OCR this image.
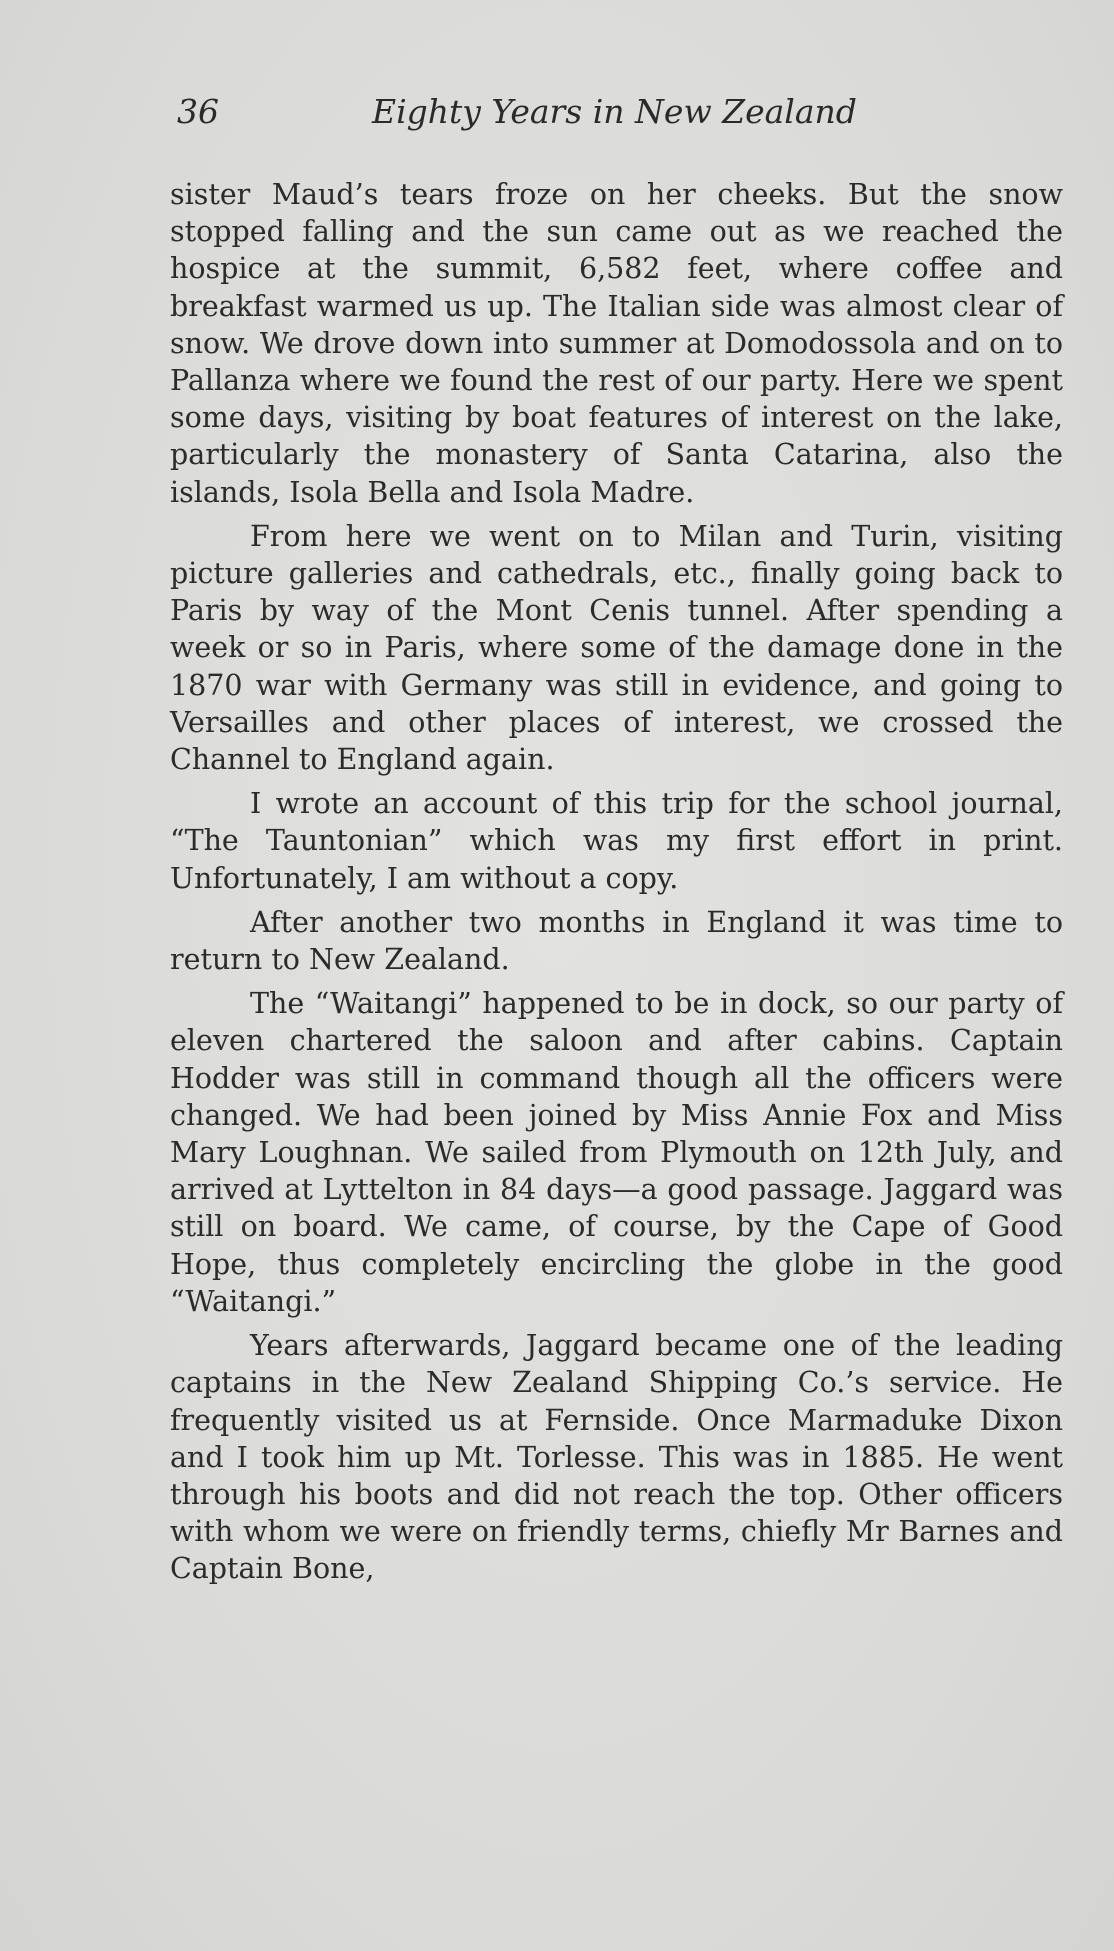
36	Eighty Years in New Zealand

sister Maud’s tears froze on her cheeks. But the snow stopped falling and the sun came out as we reached the hospice at the summit, 6,582 feet, where coffee and breakfast warmed us up. The Italian side was almost clear of snow. We drove down into summer at Domodossola and on to Pallanza where we found the rest of our party. Here we spent some days, visiting by boat features of interest on the lake, particularly the monastery of Santa Catarina, also the islands, Isola Bella and Isola Madre.

From here we went on to Milan and Turin, visiting picture galleries and cathedrals, etc., finally going back to Paris by way of the Mont Cenis tunnel. After spending a week or so in Paris, where some of the damage done in the 1870 war with Germany was still in evidence, and going to Versailles and other places of interest, we crossed the Channel to England again.

I wrote an account of this trip for the school journal, “The Tauntonian” which was my first effort in print. Unfortunately, I am without a copy.

After another two months in England it was time to return to New Zealand.

The “Waitangi” happened to be in dock, so our party of eleven chartered the saloon and after cabins. Captain Hodder was still in command though all the officers were changed. We had been joined by Miss Annie Fox and Miss Mary Loughnan. We sailed from Plymouth on 12th July, and arrived at Lyttelton in 84 days—a good passage. Jaggard was still on board. We came, of course, by the Cape of Good Hope, thus completely encircling the globe in the good “Waitangi.”

Years afterwards, Jaggard became one of the leading captains in the New Zealand Shipping Co.’s service. He frequently visited us at Fernside. Once Marmaduke Dixon and I took him up Mt. Torlesse. This was in 1885. He went through his boots and did not reach the top. Other officers with whom we were on friendly terms, chiefly Mr Barnes and Captain Bone,
